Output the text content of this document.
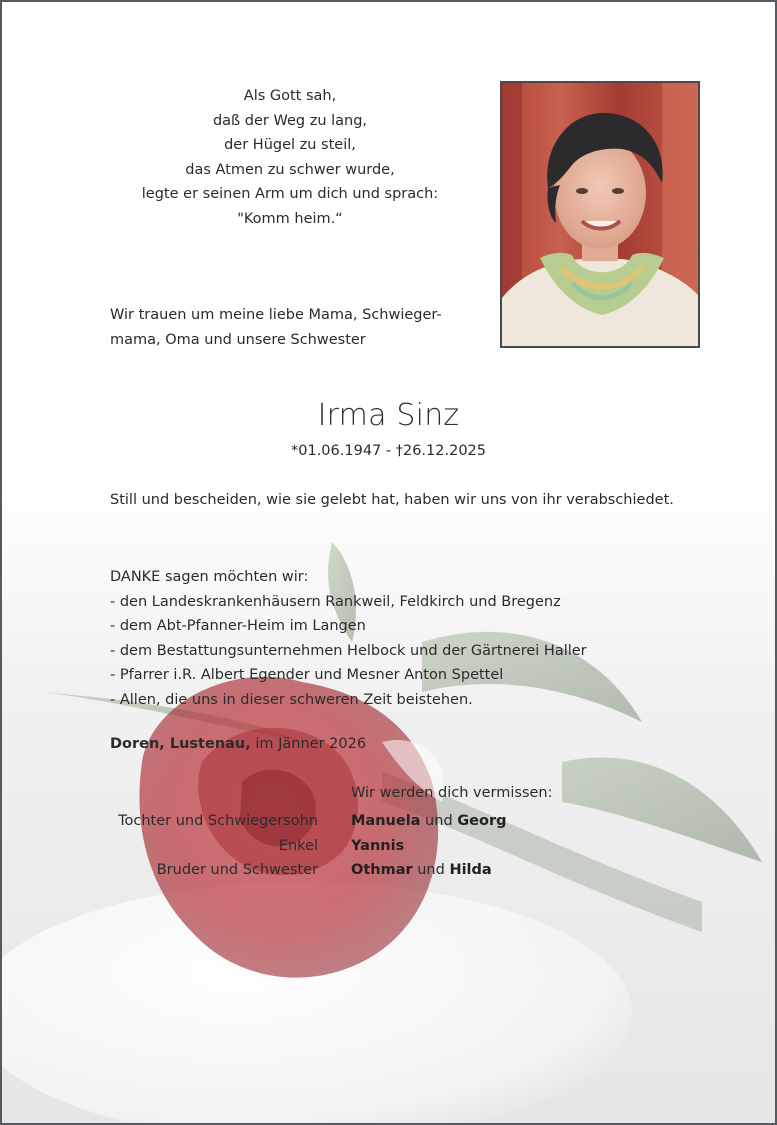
Als Gott sah,
daß der Weg zu lang,
der Hügel zu steil,
das Atmen zu schwer wurde,
legte er seinen Arm um dich und sprach:
"Komm heim.“
Wir trauen um meine liebe Mama, Schwieger-
mama, Oma und unsere Schwester
Irma Sinz
*01.06.1947 - †26.12.2025
Still und bescheiden, wie sie gelebt hat, haben wir uns von ihr verabschiedet.
DANKE sagen möchten wir:
- den Landeskrankenhäusern Rankweil, Feldkirch und Bregenz
- dem Abt-Pfanner-Heim im Langen
- dem Bestattungsunternehmen Helbock und der Gärtnerei Haller
- Pfarrer i.R. Albert Egender und Mesner Anton Spettel
- Allen, die uns in dieser schweren Zeit beistehen.
Doren, Lustenau, im Jänner 2026
Wir werden dich vermissen:
Tochter und Schwiegersohn
Enkel
Bruder und Schwester
Manuela und Georg
Yannis
Othmar und Hilda
